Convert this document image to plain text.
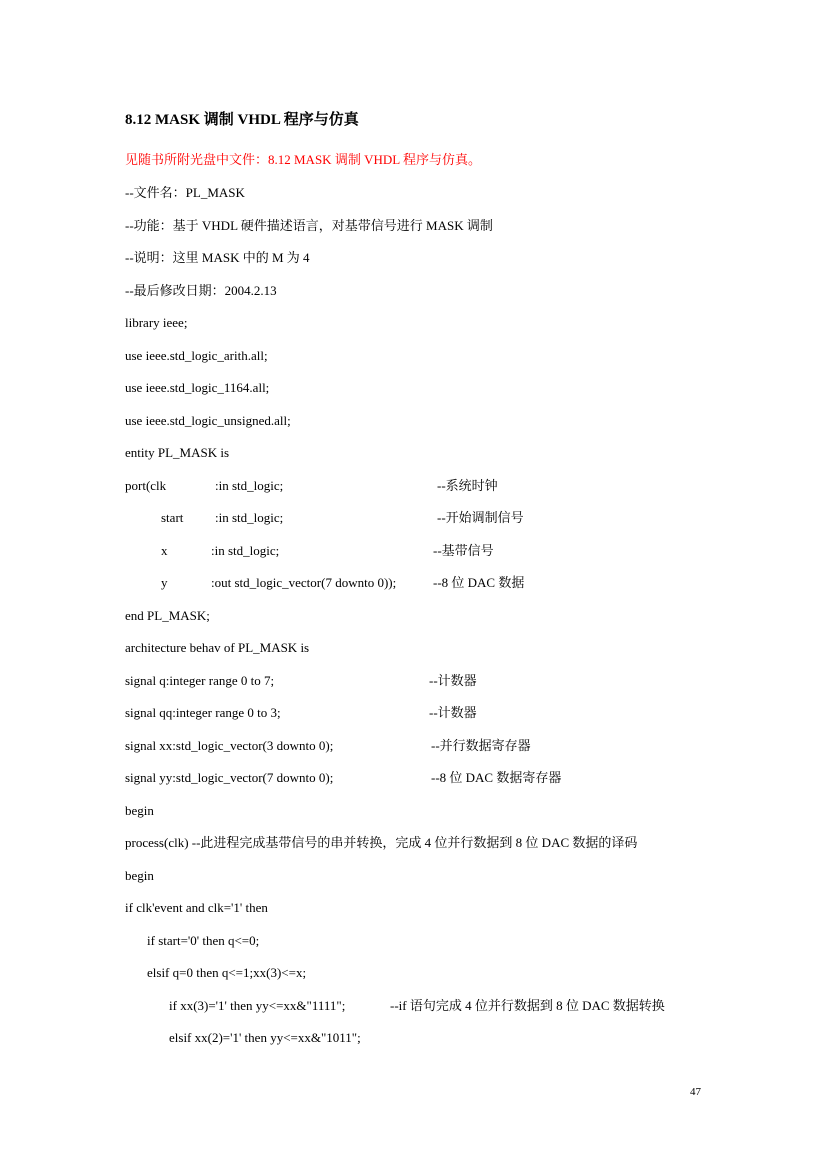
8.12 MASK 调制 VHDL 程序与仿真
见随书所附光盘中文件：8.12 MASK 调制 VHDL 程序与仿真。
--文件名：PL_MASK
--功能：基于 VHDL 硬件描述语言，对基带信号进行 MASK 调制
--说明：这里 MASK 中的 M 为 4
--最后修改日期：2004.2.13
library ieee;
use ieee.std_logic_arith.all;
use ieee.std_logic_1164.all;
use ieee.std_logic_unsigned.all;
entity PL_MASK is
port(clk	:in std_logic;	--系统时钟
start :in std_logic;	--开始调制信号
x	:in std_logic;	--基带信号
y	:out std_logic_vector(7 downto 0));	--8 位 DAC 数据
end PL_MASK;
architecture behav of PL_MASK is
signal q:integer range 0 to 7;	--计数器
signal qq:integer range 0 to 3;	--计数器
signal xx:std_logic_vector(3 downto 0);	--并行数据寄存器
signal yy:std_logic_vector(7 downto 0);	--8 位 DAC 数据寄存器
begin
process(clk) --此进程完成基带信号的串并转换，完成 4 位并行数据到 8 位 DAC 数据的译码
begin
if clk'event and clk='1' then
if start='0' then q<=0;
elsif q=0 then q<=1;xx(3)<=x;
if xx(3)='1' then yy<=xx&"1111";	--if 语句完成 4 位并行数据到 8 位 DAC 数据转换
elsif xx(2)='1' then yy<=xx&"1011";
47
